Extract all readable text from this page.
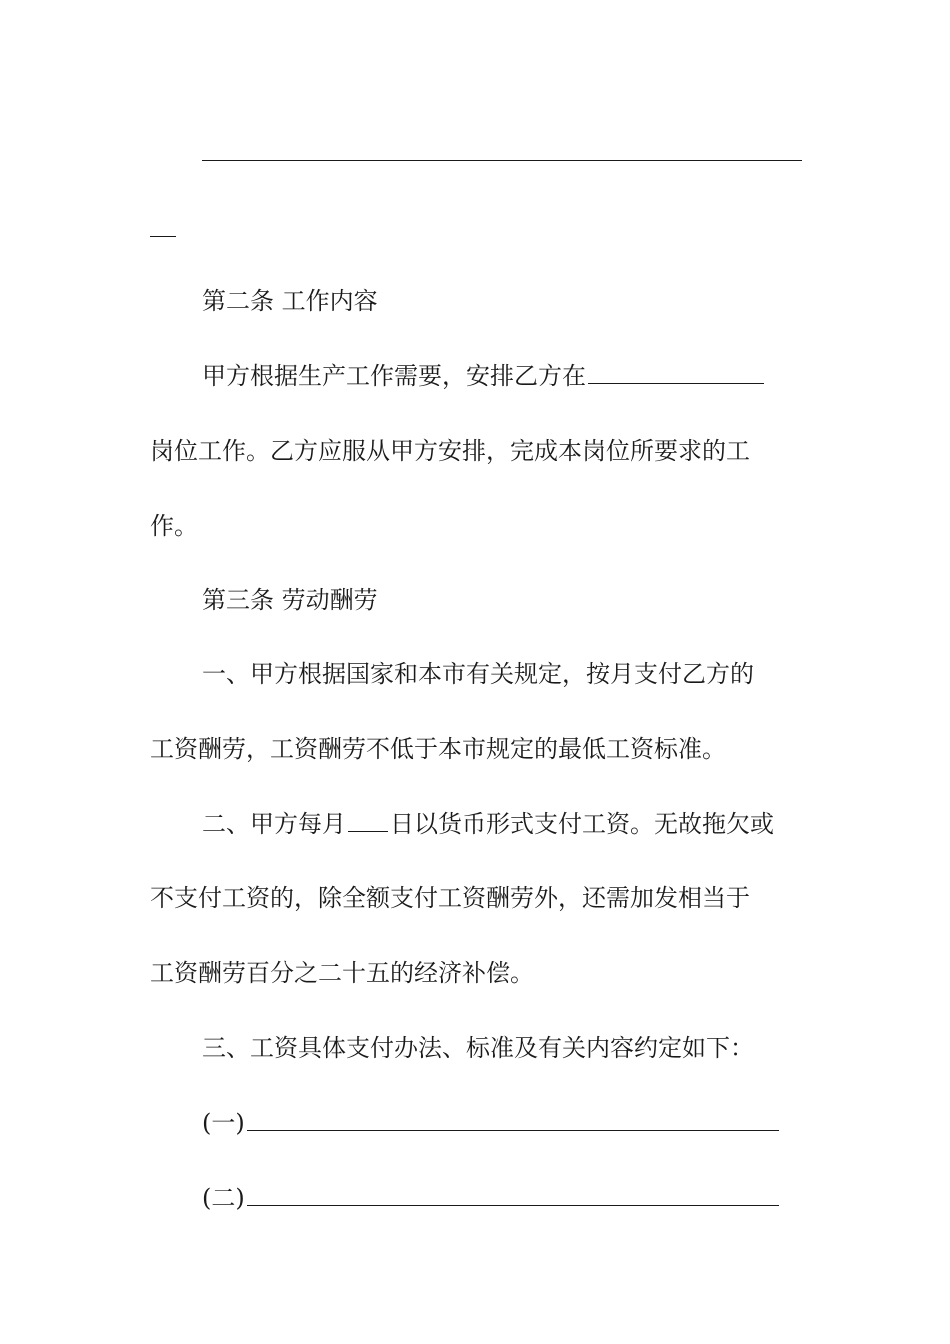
第二条 工作内容
甲方根据生产工作需要，安排乙方在
岗位工作。乙方应服从甲方安排，完成本岗位所要求的工
作。
第三条 劳动酬劳
一、甲方根据国家和本市有关规定，按月支付乙方的
工资酬劳，工资酬劳不低于本市规定的最低工资标准。
二、甲方每月 日以货币形式支付工资。无故拖欠或
不支付工资的，除全额支付工资酬劳外，还需加发相当于
工资酬劳百分之二十五的经济补偿。
三、工资具体支付办法、标准及有关内容约定如下：
(一)
(二)
